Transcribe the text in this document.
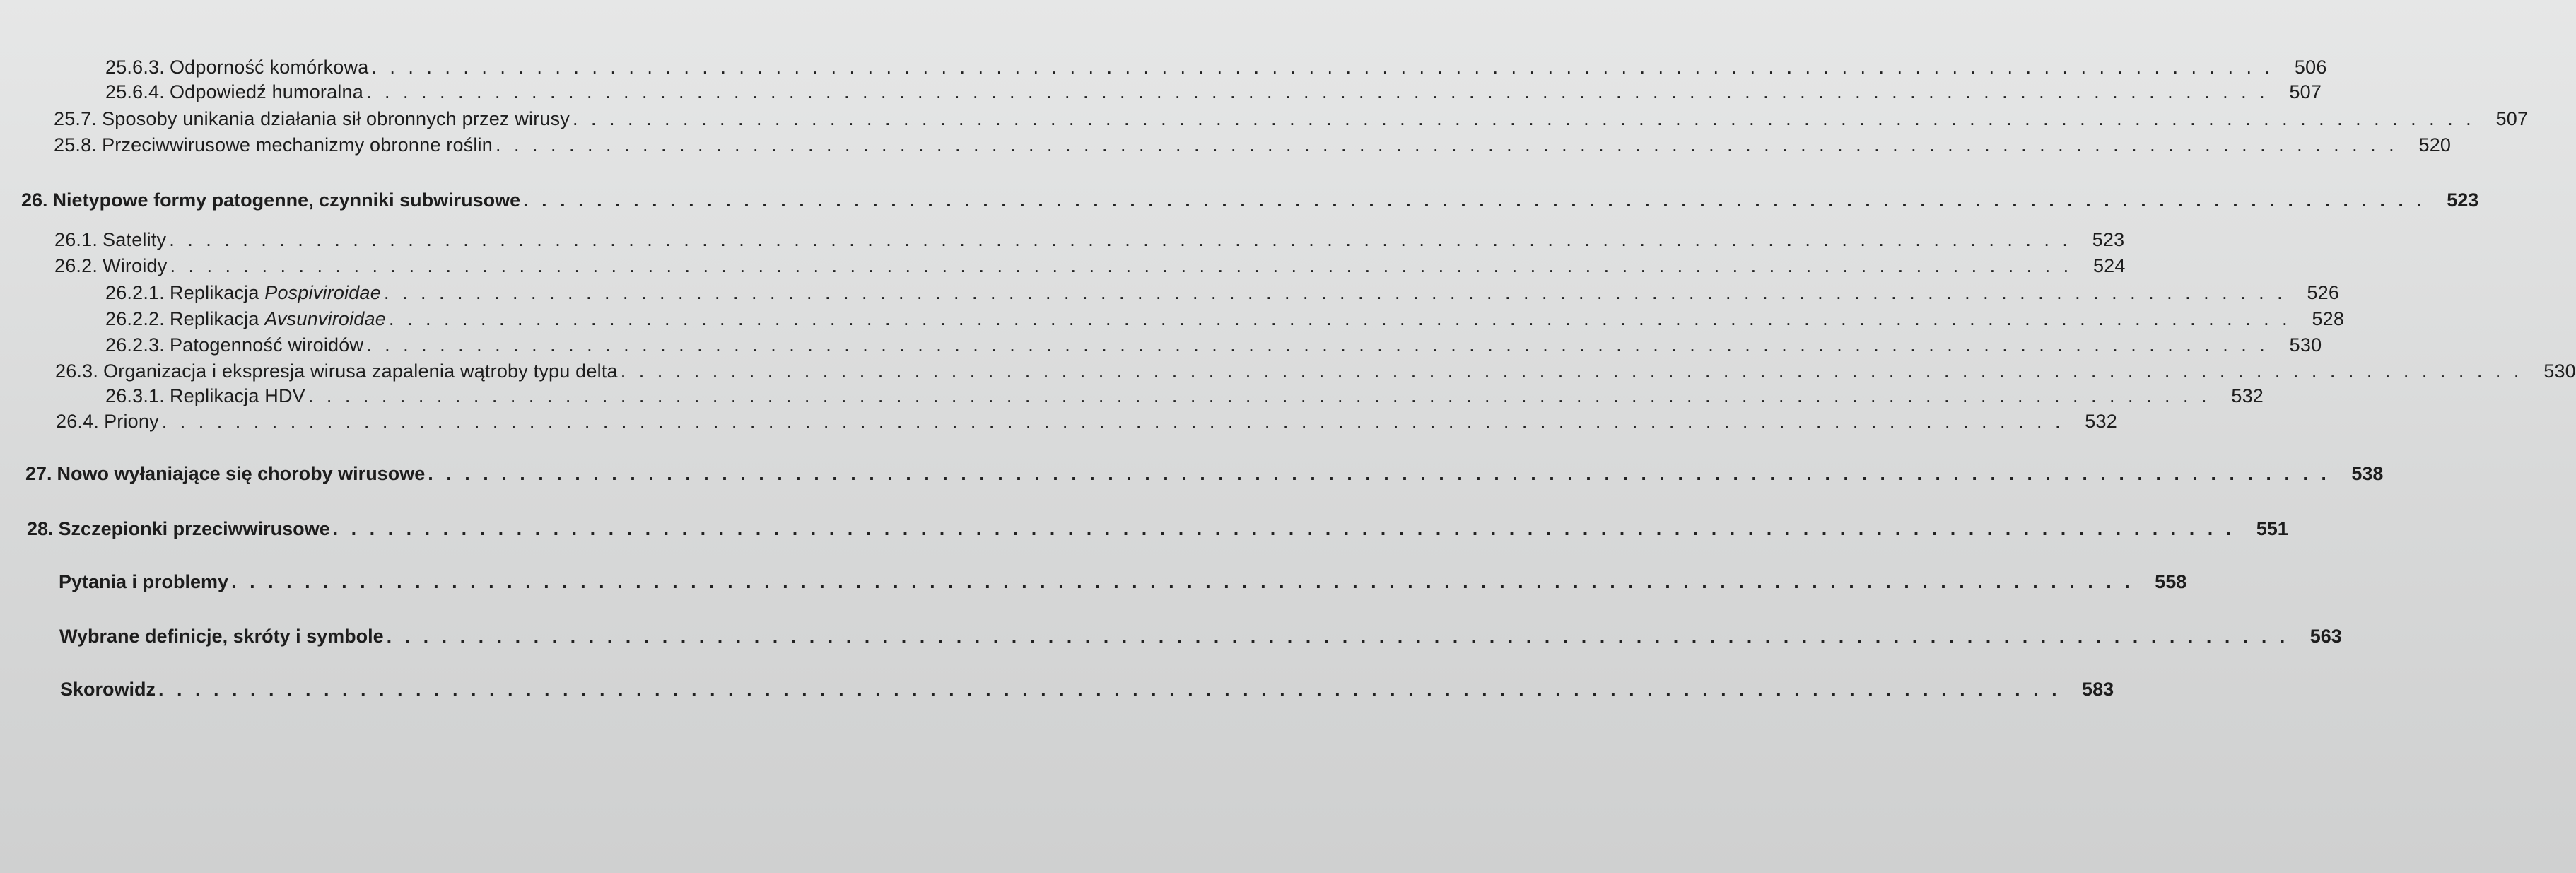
25.6.3. Odporność komórkowa ........................................................................................................ 506
25.6.4. Odpowiedź humoralna ........................................................................................................ 507
25.7. Sposoby unikania działania sił obronnych przez wirusy ........................................................................................................ 507
25.8. Przeciwwirusowe mechanizmy obronne roślin ........................................................................................................ 520
26. Nietypowe formy patogenne, czynniki subwirusowe ........................................................................................................ 523
26.1. Satelity ........................................................................................................ 523
26.2. Wiroidy ........................................................................................................ 524
26.2.1. Replikacja Pospiviroidae ........................................................................................................ 526
26.2.2. Replikacja Avsunviroidae ........................................................................................................ 528
26.2.3. Patogenność wiroidów ........................................................................................................ 530
26.3. Organizacja i ekspresja wirusa zapalenia wątroby typu delta ........................................................................................................ 530
26.3.1. Replikacja HDV ........................................................................................................ 532
26.4. Priony ........................................................................................................ 532
27. Nowo wyłaniające się choroby wirusowe ........................................................................................................ 538
28. Szczepionki przeciwwirusowe ........................................................................................................ 551
Pytania i problemy ........................................................................................................ 558
Wybrane definicje, skróty i symbole ........................................................................................................ 563
Skorowidz ........................................................................................................ 583
